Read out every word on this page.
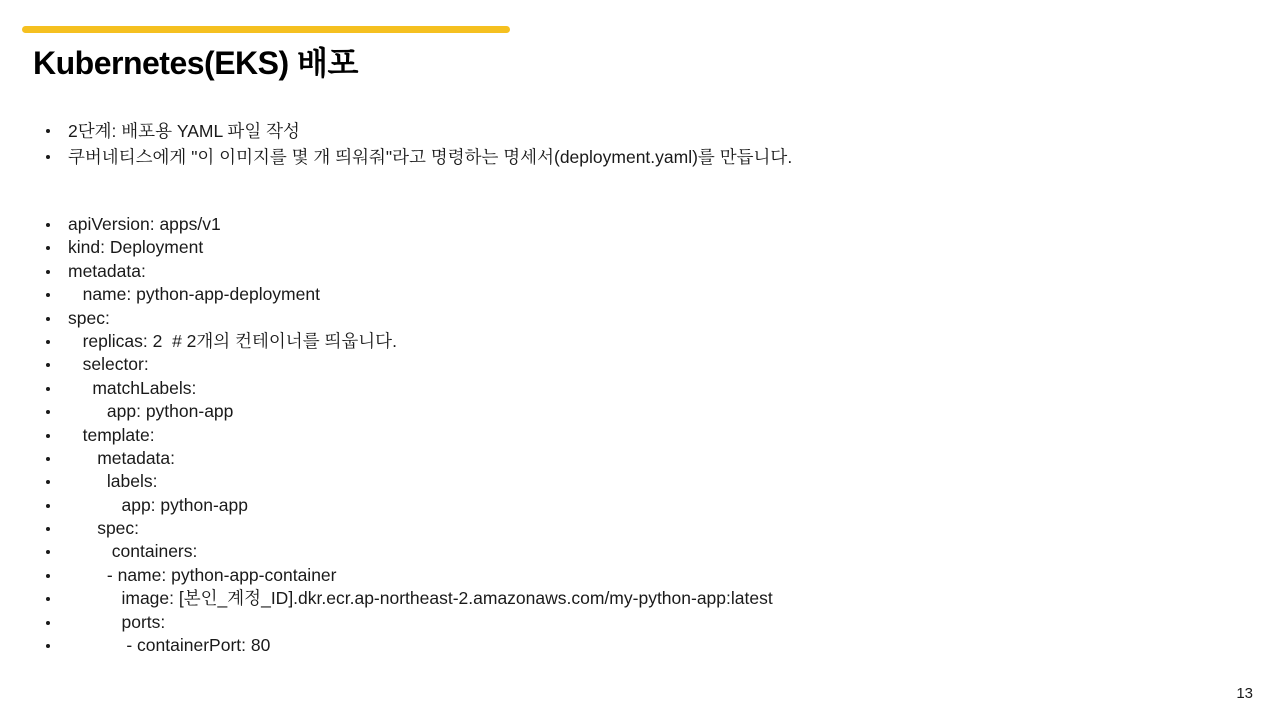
Kubernetes(EKS) 배포
2단계: 배포용 YAML 파일 작성
쿠버네티스에게 "이 이미지를 몇 개 띄워줘"라고 명령하는 명세서(deployment.yaml)를 만듭니다.
apiVersion: apps/v1
kind: Deployment
metadata:
name: python-app-deployment
spec:
replicas: 2  # 2개의 컨테이너를 띄웁니다.
selector:
matchLabels:
app: python-app
template:
metadata:
labels:
app: python-app
spec:
containers:
- name: python-app-container
image: [본인_계정_ID].dkr.ecr.ap-northeast-2.amazonaws.com/my-python-app:latest
ports:
- containerPort: 80
13
